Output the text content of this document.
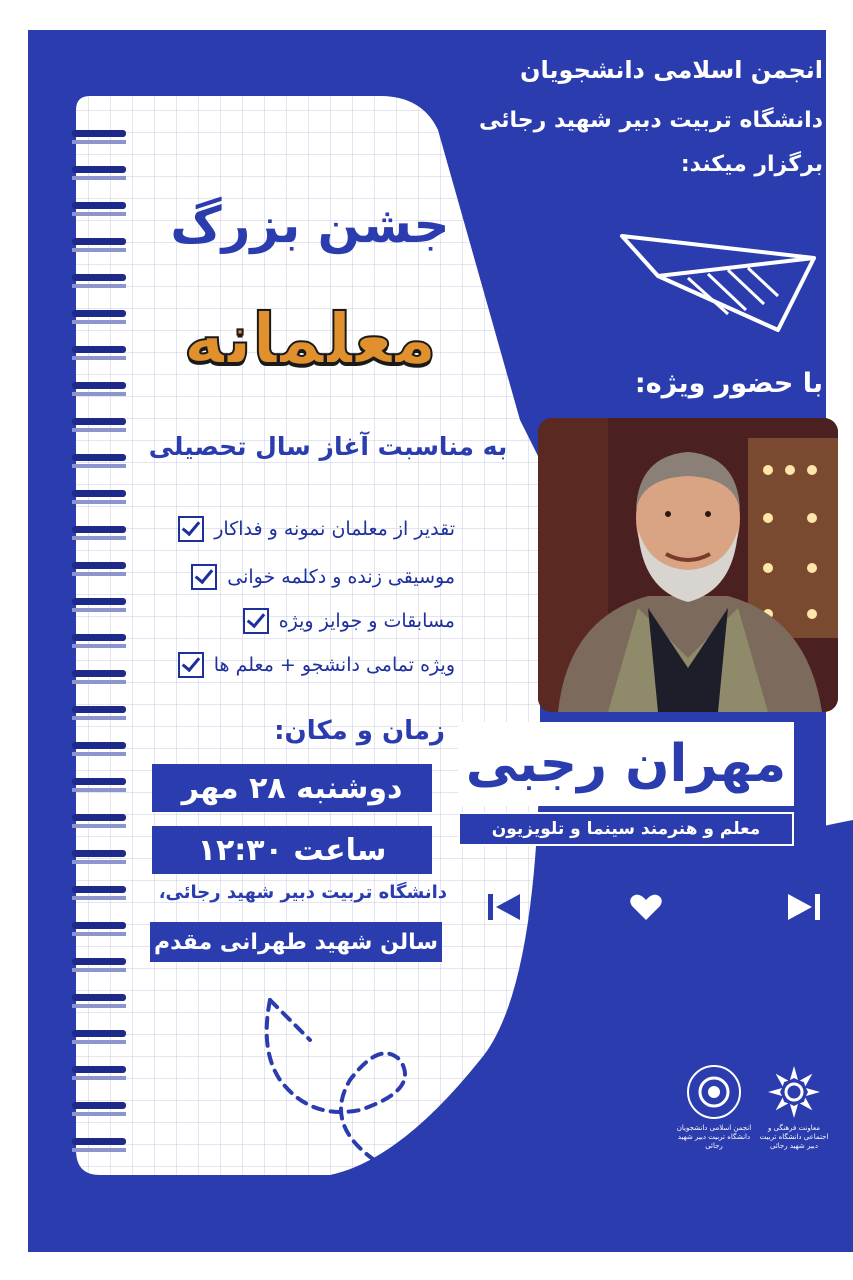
انجمن اسلامی دانشجویان
دانشگاه تربیت دبیر شهید رجائی
برگزار میکند:
جشن بزرگ
معلمانه
به مناسبت آغاز سال تحصیلی
تقدیر از معلمان نمونه و فداکار
موسیقی زنده و دکلمه خوانی
مسابقات و جوایز ویژه
ویژه تمامی دانشجو + معلم ها
با حضور ویژه:
زمان و مکان:
دوشنبه ۲۸ مهر
ساعت ۱۲:۳۰
دانشگاه تربیت دبیر شهید رجائی،
سالن شهید طهرانی مقدم
مهران رجبی
معلم و هنرمند سینما و تلویزیون
انجمن اسلامی دانشجویان دانشگاه تربیت دبیر شهید رجائی
معاونت فرهنگی و اجتماعی دانشگاه تربیت دبیر شهید رجائی
